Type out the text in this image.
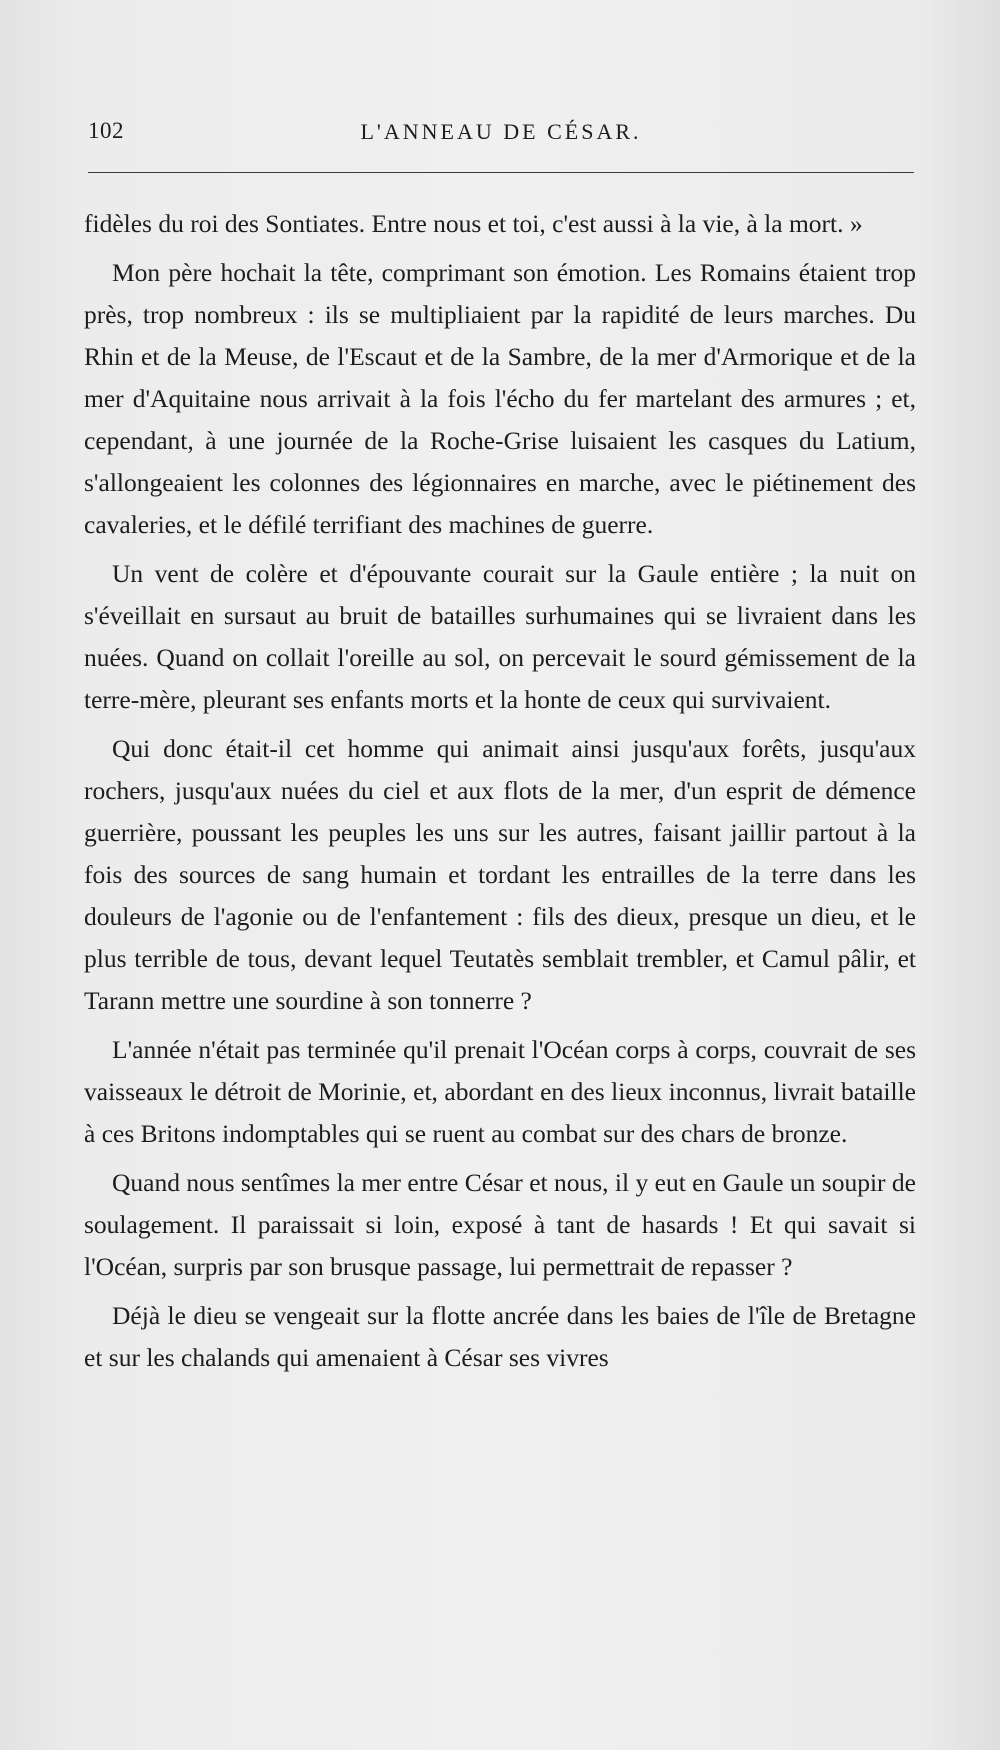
102	L'ANNEAU DE CÉSAR.

fidèles du roi des Sontiates. Entre nous et toi, c'est aussi à la vie, à la mort. »

Mon père hochait la tête, comprimant son émotion. Les Romains étaient trop près, trop nombreux : ils se multipliaient par la rapidité de leurs marches. Du Rhin et de la Meuse, de l'Escaut et de la Sambre, de la mer d'Armorique et de la mer d'Aquitaine nous arrivait à la fois l'écho du fer martelant des armures ; et, cependant, à une journée de la Roche-Grise luisaient les casques du Latium, s'allongeaient les colonnes des légionnaires en marche, avec le piétinement des cavaleries, et le défilé terrifiant des machines de guerre.

Un vent de colère et d'épouvante courait sur la Gaule entière ; la nuit on s'éveillait en sursaut au bruit de batailles surhumaines qui se livraient dans les nuées. Quand on collait l'oreille au sol, on percevait le sourd gémissement de la terre-mère, pleurant ses enfants morts et la honte de ceux qui survivaient.

Qui donc était-il cet homme qui animait ainsi jusqu'aux forêts, jusqu'aux rochers, jusqu'aux nuées du ciel et aux flots de la mer, d'un esprit de démence guerrière, poussant les peuples les uns sur les autres, faisant jaillir partout à la fois des sources de sang humain et tordant les entrailles de la terre dans les douleurs de l'agonie ou de l'enfantement : fils des dieux, presque un dieu, et le plus terrible de tous, devant lequel Teutatès semblait trembler, et Camul pâlir, et Tarann mettre une sourdine à son tonnerre ?

L'année n'était pas terminée qu'il prenait l'Océan corps à corps, couvrait de ses vaisseaux le détroit de Morinie, et, abordant en des lieux inconnus, livrait bataille à ces Britons indomptables qui se ruent au combat sur des chars de bronze.

Quand nous sentîmes la mer entre César et nous, il y eut en Gaule un soupir de soulagement. Il paraissait si loin, exposé à tant de hasards ! Et qui savait si l'Océan, surpris par son brusque passage, lui permettrait de repasser ?

Déjà le dieu se vengeait sur la flotte ancrée dans les baies de l'île de Bretagne et sur les chalands qui amenaient à César ses vivres
